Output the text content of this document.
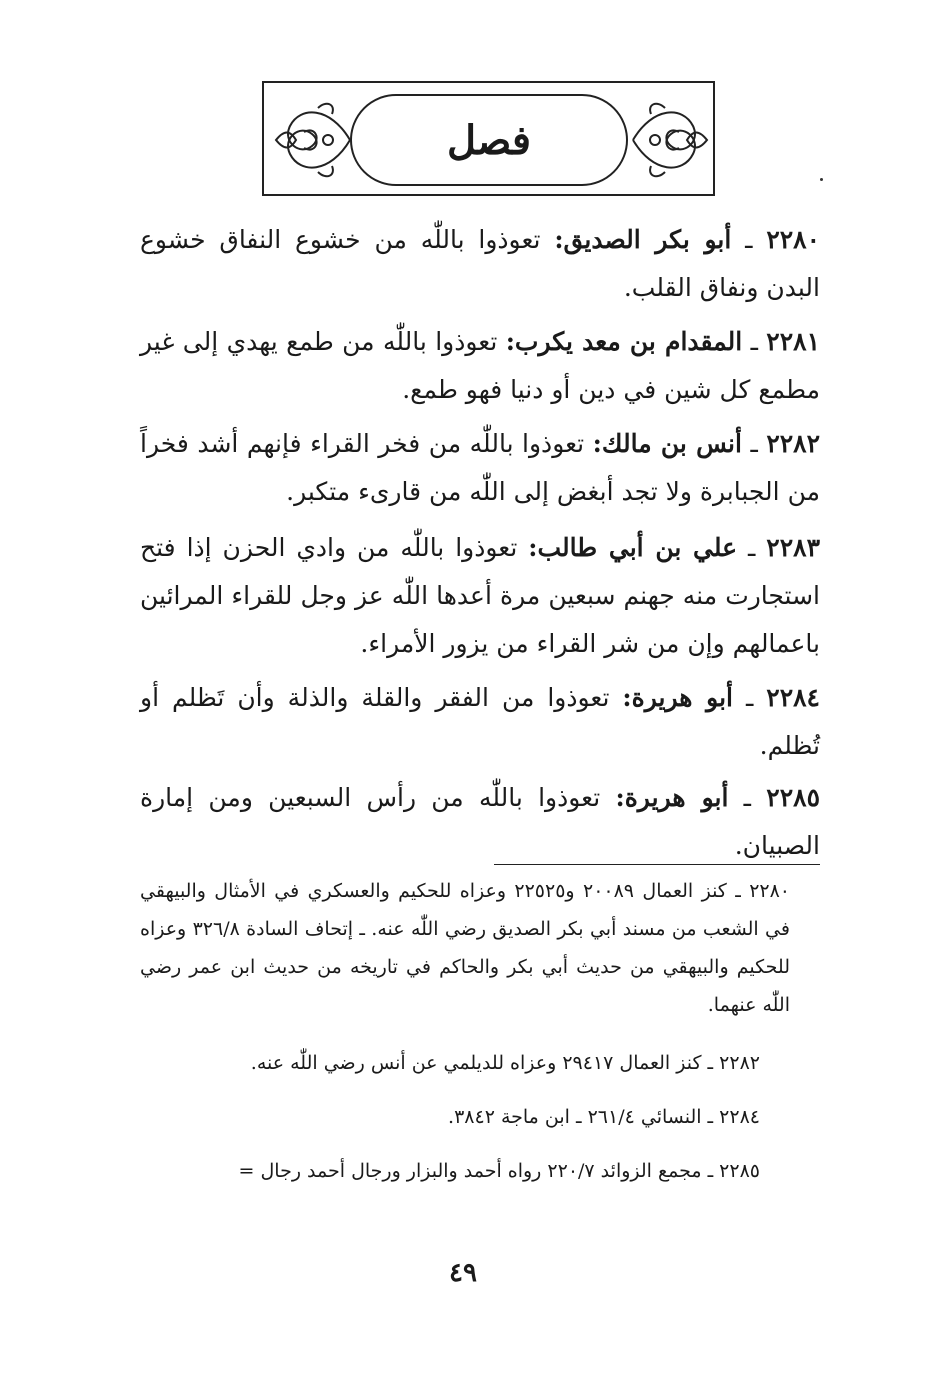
فصل
٢٢٨٠ ـ أبو بكر الصديق: تعوذوا باللّٰه من خشوع النفاق خشوع البدن ونفاق القلب.
٢٢٨١ ـ المقدام بن معد يكرب: تعوذوا باللّٰه من طمع يهدي إلى غير مطمع كل شين في دين أو دنيا فهو طمع.
٢٢٨٢ ـ أنس بن مالك: تعوذوا باللّٰه من فخر القراء فإنهم أشد فخراً من الجبابرة ولا تجد أبغض إلى اللّٰه من قارىء متكبر.
٢٢٨٣ ـ علي بن أبي طالب: تعوذوا باللّٰه من وادي الحزن إذا فتح استجارت منه جهنم سبعين مرة أعدها اللّٰه عز وجل للقراء المرائين باعمالهم وإن من شر القراء من يزور الأمراء.
٢٢٨٤ ـ أبو هريرة: تعوذوا من الفقر والقلة والذلة وأن تَظلم أو تُظلم.
٢٢٨٥ ـ أبو هريرة: تعوذوا باللّٰه من رأس السبعين ومن إمارة الصبيان.
٢٢٨٠ ـ كنز العمال ٢٠٠٨٩ و٢٢٥٢٥ وعزاه للحكيم والعسكري في الأمثال والبيهقي في الشعب من مسند أبي بكر الصديق رضي اللّٰه عنه. ـ إتحاف السادة ٣٢٦/٨ وعزاه للحكيم والبيهقي من حديث أبي بكر والحاكم في تاريخه من حديث ابن عمر رضي اللّٰه عنهما.
٢٢٨٢ ـ كنز العمال ٢٩٤١٧ وعزاه للديلمي عن أنس رضي اللّٰه عنه.
٢٢٨٤ ـ النسائي ٢٦١/٤ ـ ابن ماجة ٣٨٤٢.
٢٢٨٥ ـ مجمع الزوائد ٢٢٠/٧ رواه أحمد والبزار ورجال أحمد رجال =
٤٩
